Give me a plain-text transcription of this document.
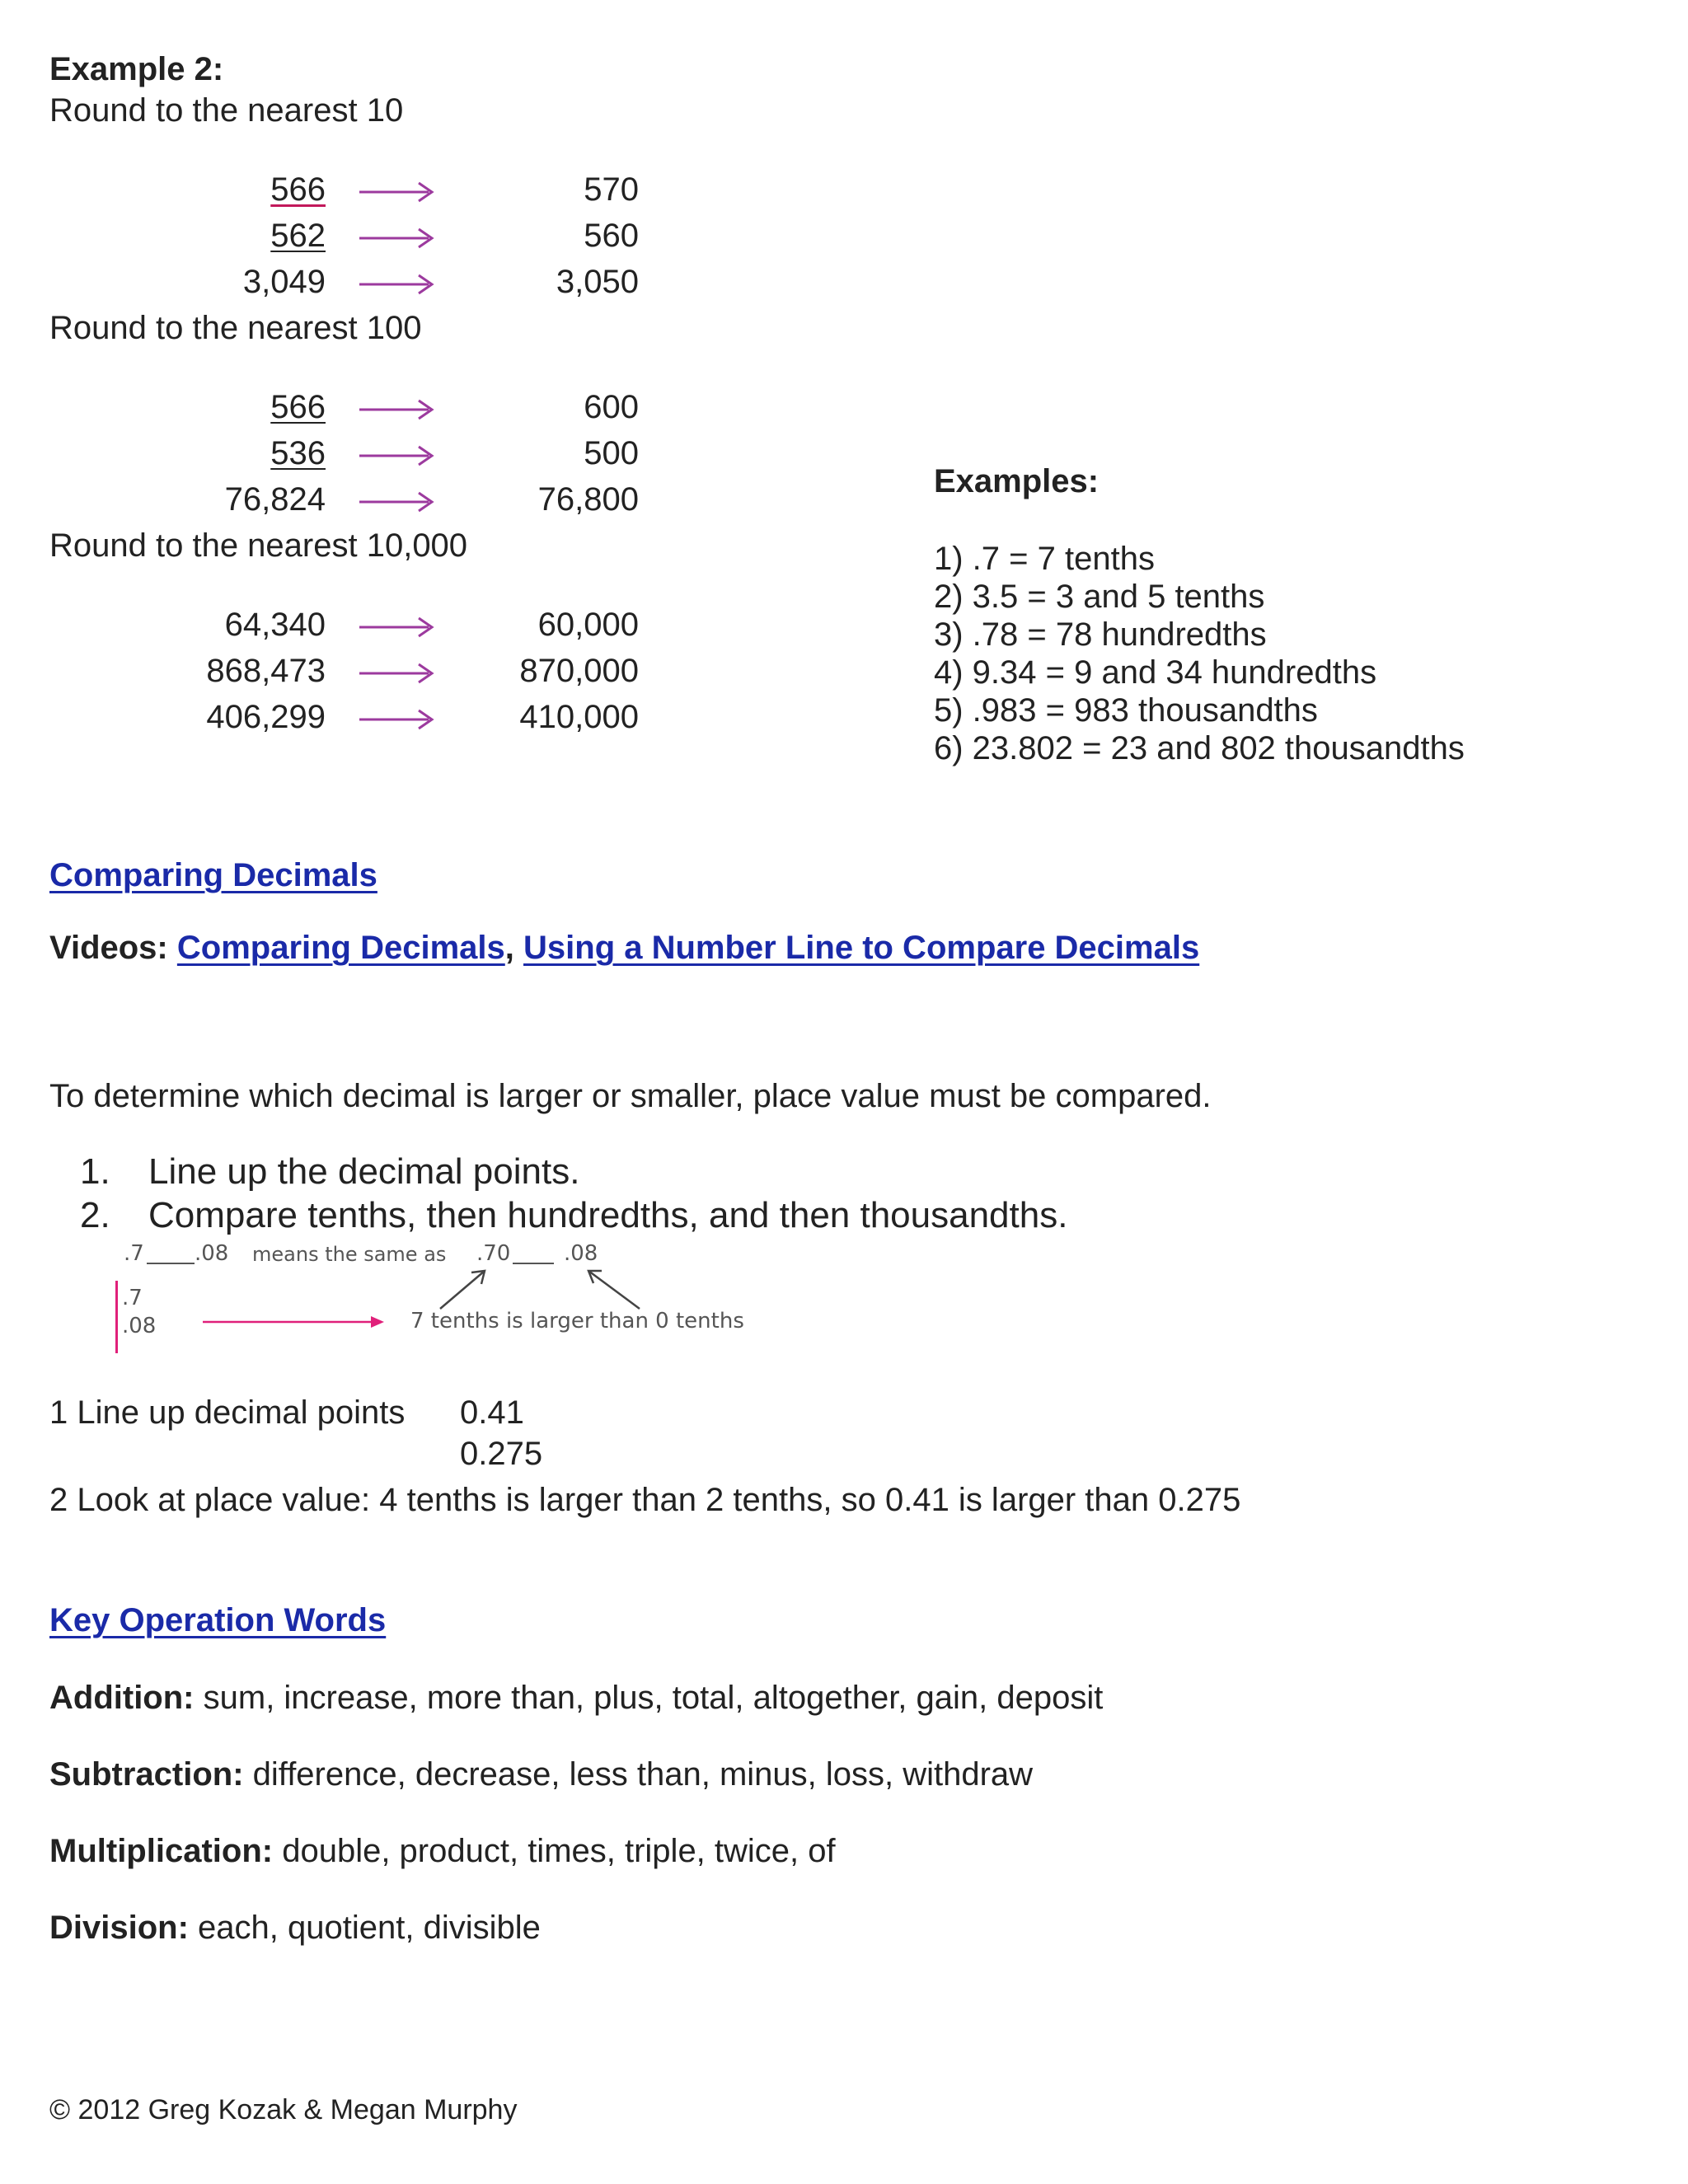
Example 2:
Round to the nearest 10
566	570
562	560
3,049	3,050
Round to the nearest 100
566	600
536	500
76,824	76,800
Round to the nearest 10,000
64,340	60,000
868,473	870,000
406,299	410,000
Examples:
1) .7 = 7 tenths
2) 3.5 = 3 and 5 tenths
3) .78 = 78 hundredths
4) 9.34 = 9 and 34 hundredths
5) .983 = 983 thousandths
6) 23.802 = 23 and 802 thousandths
Comparing Decimals
Videos: Comparing Decimals, Using a Number Line to Compare Decimals
To determine which decimal is larger or smaller, place value must be compared.
1. Line up the decimal points.
2. Compare tenths, then hundredths, and then thousandths.
.7 .08 means the same as .70 .08
.7
.08	7 tenths is larger than 0 tenths
1 Line up decimal points 0.41
0.275
2 Look at place value: 4 tenths is larger than 2 tenths, so 0.41 is larger than 0.275
Key Operation Words
Addition: sum, increase, more than, plus, total, altogether, gain, deposit
Subtraction: difference, decrease, less than, minus, loss, withdraw
Multiplication: double, product, times, triple, twice, of
Division: each, quotient, divisible
© 2012 Greg Kozak & Megan Murphy
